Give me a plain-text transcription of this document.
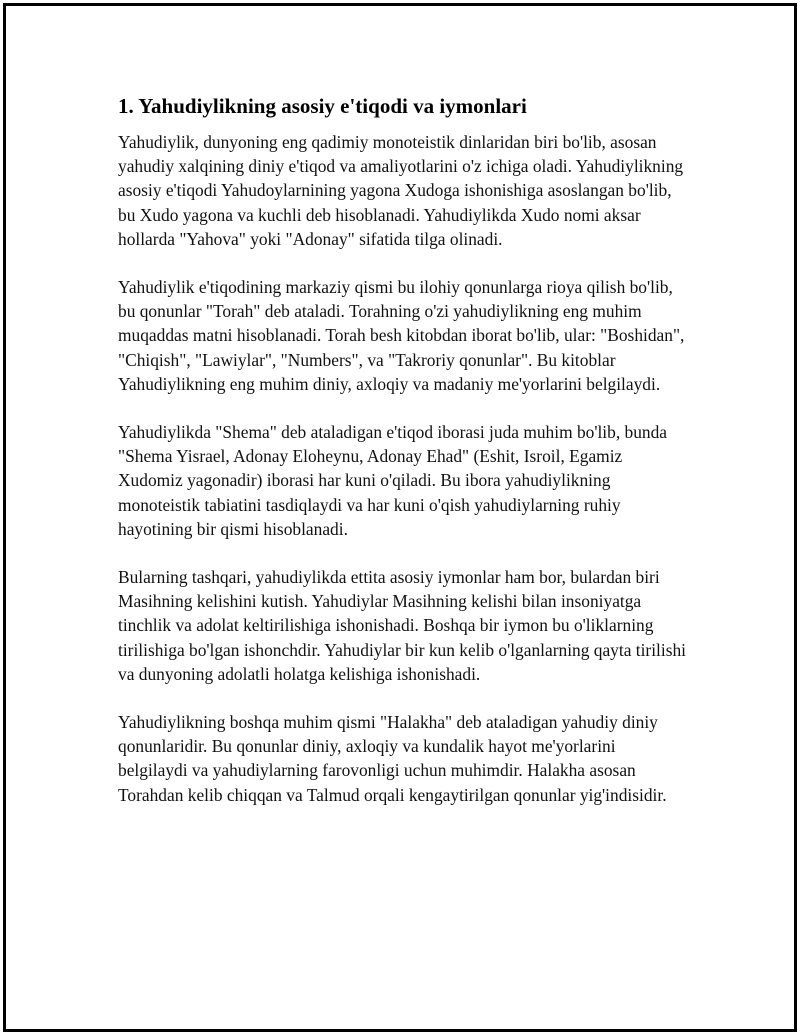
1. Yahudiylikning asosiy e'tiqodi va iymonlari

Yahudiylik, dunyoning eng qadimiy monoteistik dinlaridan biri bo'lib, asosan yahudiy xalqining diniy e'tiqod va amaliyotlarini o'z ichiga oladi. Yahudiylikning asosiy e'tiqodi Yahudoylarnining yagona Xudoga ishonishiga asoslangan bo'lib, bu Xudo yagona va kuchli deb hisoblanadi. Yahudiylikda Xudo nomi aksar hollarda "Yahova" yoki "Adonay" sifatida tilga olinadi.

Yahudiylik e'tiqodining markaziy qismi bu ilohiy qonunlarga rioya qilish bo'lib, bu qonunlar "Torah" deb ataladi. Torahning o'zi yahudiylikning eng muhim muqaddas matni hisoblanadi. Torah besh kitobdan iborat bo'lib, ular: "Boshidan", "Chiqish", "Lawiylar", "Numbers", va "Takroriy qonunlar". Bu kitoblar Yahudiylikning eng muhim diniy, axloqiy va madaniy me'yorlarini belgilaydi.

Yahudiylikda "Shema" deb ataladigan e'tiqod iborasi juda muhim bo'lib, bunda "Shema Yisrael, Adonay Eloheynu, Adonay Ehad" (Eshit, Isroil, Egamiz Xudomiz yagonadir) iborasi har kuni o'qiladi. Bu ibora yahudiylikning monoteistik tabiatini tasdiqlaydi va har kuni o'qish yahudiylarning ruhiy hayotining bir qismi hisoblanadi.

Bularning tashqari, yahudiylikda ettita asosiy iymonlar ham bor, bulardan biri Masihning kelishini kutish. Yahudiylar Masihning kelishi bilan insoniyatga tinchlik va adolat keltirilishiga ishonishadi. Boshqa bir iymon bu o'liklarning tirilishiga bo'lgan ishonchdir. Yahudiylar bir kun kelib o'lganlarning qayta tirilishi va dunyoning adolatli holatga kelishiga ishonishadi.

Yahudiylikning boshqa muhim qismi "Halakha" deb ataladigan yahudiy diniy qonunlaridir. Bu qonunlar diniy, axloqiy va kundalik hayot me'yorlarini belgilaydi va yahudiylarning farovonligi uchun muhimdir. Halakha asosan Torahdan kelib chiqqan va Talmud orqali kengaytirilgan qonunlar yig'indisidir.
